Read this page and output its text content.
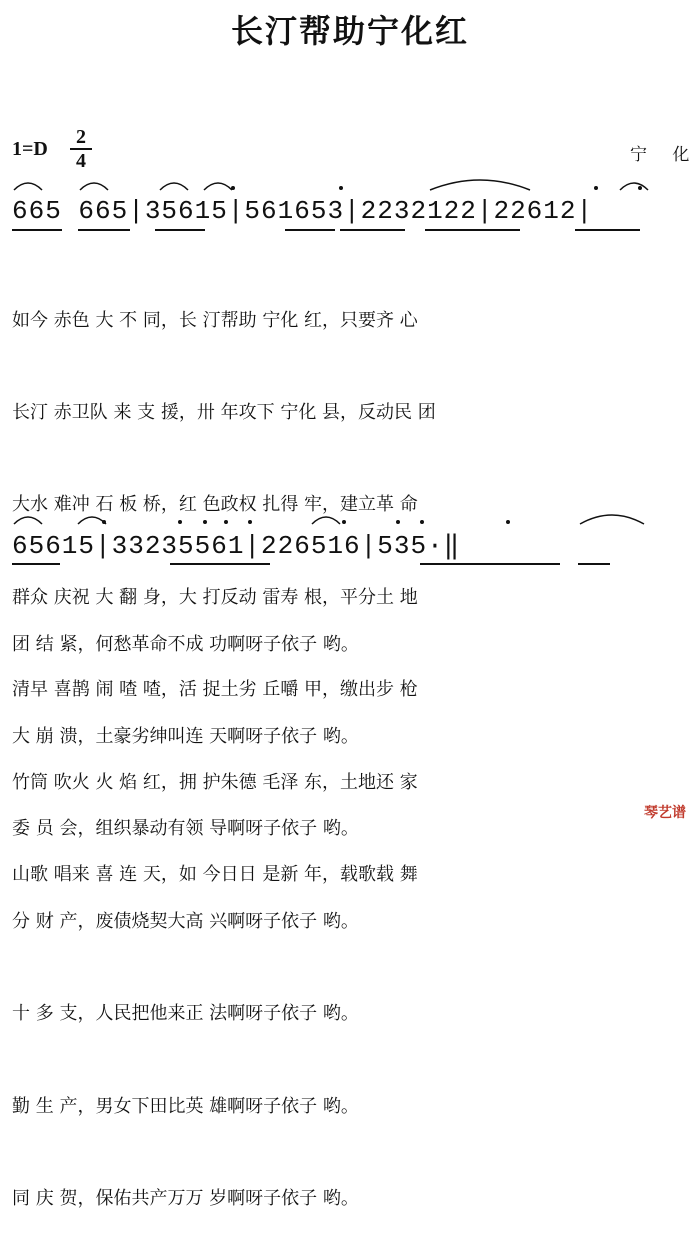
长汀帮助宁化红
$1=D \frac{2}{4}$	宁 化
665 665|35615|561653|2232122|22612|

如今 赤色 大 不 同，长 汀帮助 宁化 红，只要齐 心

长汀 赤卫队 来 支 援，卅 年攻下 宁化 县，反动民 团

大水 难冲 石 板 桥，红 色政权 扎得 牢，建立革 命

群众 庆祝 大 翻 身，大 打反动 雷寿 根，平分土 地

清早 喜鹊 闹 喳 喳，活 捉土劣 丘嚼 甲，缴出步 枪

竹筒 吹火 火 焰 红，拥 护朱德 毛泽 东，土地还 家

山歌 唱来 喜 连 天，如 今日日 是新 年，载歌载 舞

65615|33235561|226516|535·‖

团 结 紧，何愁革命不成 功啊呀子依子 哟。

大 崩 溃，土豪劣绅叫连 天啊呀子依子 哟。

委 员 会，组织暴动有领 导啊呀子依子 哟。

分 财 产，废债烧契大高 兴啊呀子依子 哟。

十 多 支，人民把他来正 法啊呀子依子 哟。

勤 生 产，男女下田比英 雄啊呀子依子 哟。

同 庆 贺，保佑共产万万 岁啊呀子依子 哟。

琴艺谱
